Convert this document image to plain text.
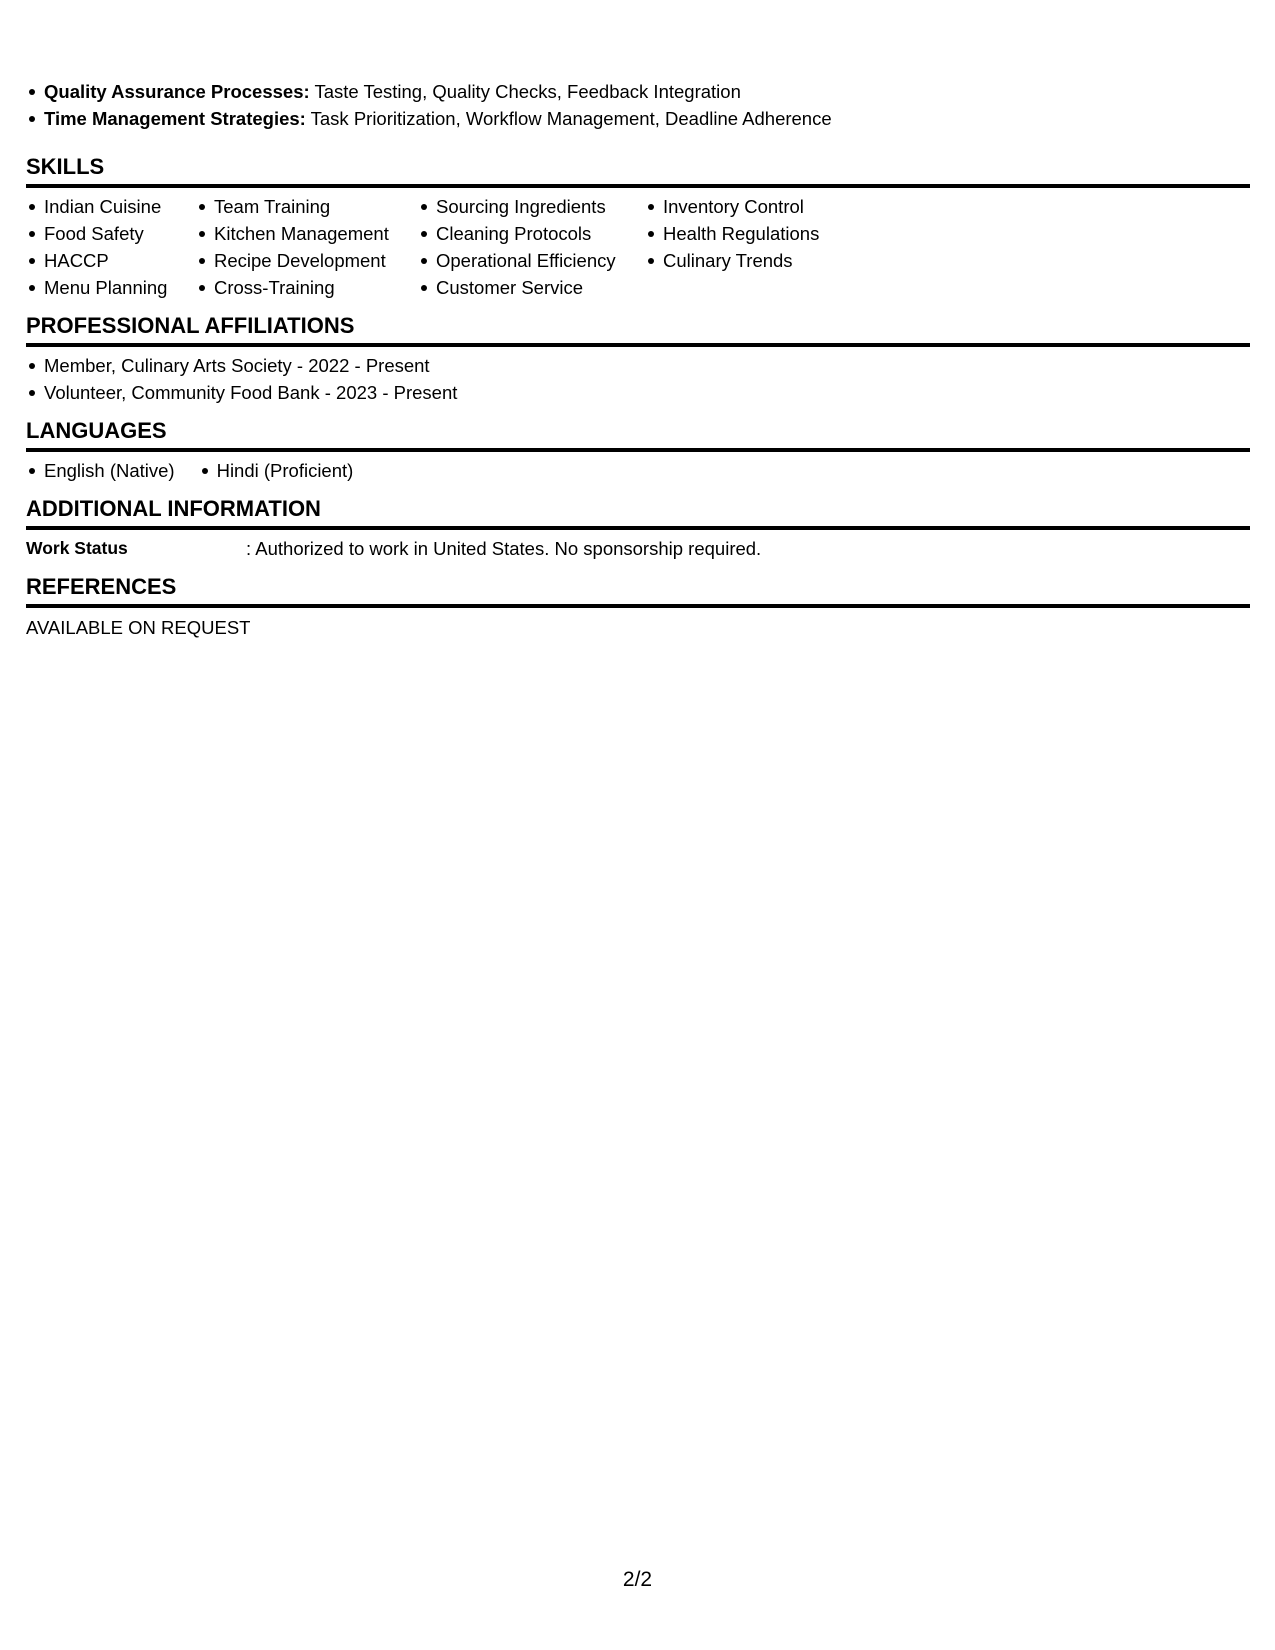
Quality Assurance Processes: Taste Testing, Quality Checks, Feedback Integration
Time Management Strategies: Task Prioritization, Workflow Management, Deadline Adherence
SKILLS
Indian Cuisine
Food Safety
HACCP
Menu Planning
Team Training
Kitchen Management
Recipe Development
Cross-Training
Sourcing Ingredients
Cleaning Protocols
Operational Efficiency
Customer Service
Inventory Control
Health Regulations
Culinary Trends
PROFESSIONAL AFFILIATIONS
Member, Culinary Arts Society - 2022 - Present
Volunteer, Community Food Bank - 2023 - Present
LANGUAGES
English (Native) Hindi (Proficient)
ADDITIONAL INFORMATION
Work Status	: Authorized to work in United States. No sponsorship required.
REFERENCES
AVAILABLE ON REQUEST
2/2
